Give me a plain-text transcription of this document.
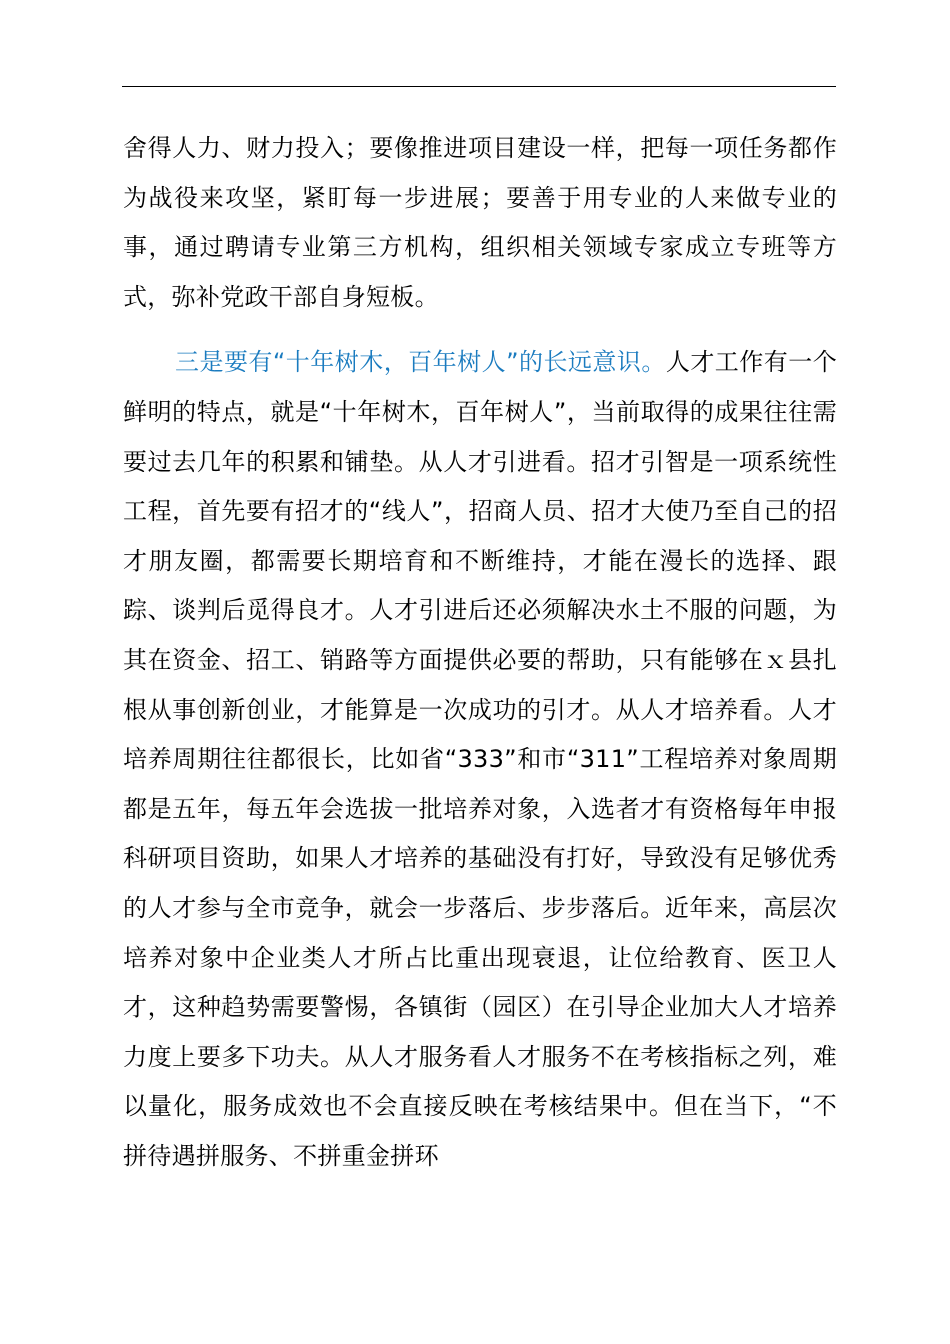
舍得人力、财力投入；要像推进项目建设一样，把每一项任务都作为战役来攻坚，紧盯每一步进展；要善于用专业的人来做专业的事，通过聘请专业第三方机构，组织相关领域专家成立专班等方式，弥补党政干部自身短板。

三是要有“十年树木，百年树人”的长远意识。人才工作有一个鲜明的特点，就是“十年树木，百年树人”，当前取得的成果往往需要过去几年的积累和铺垫。从人才引进看。招才引智是一项系统性工程，首先要有招才的“线人”，招商人员、招才大使乃至自己的招才朋友圈，都需要长期培育和不断维持，才能在漫长的选择、跟踪、谈判后觅得良才。人才引进后还必须解决水土不服的问题，为其在资金、招工、销路等方面提供必要的帮助，只有能够在ｘ县扎根从事创新创业，才能算是一次成功的引才。从人才培养看。人才培养周期往往都很长，比如省“333”和市“311”工程培养对象周期都是五年，每五年会选拔一批培养对象，入选者才有资格每年申报科研项目资助，如果人才培养的基础没有打好，导致没有足够优秀的人才参与全市竞争，就会一步落后、步步落后。近年来，高层次培养对象中企业类人才所占比重出现衰退，让位给教育、医卫人才，这种趋势需要警惕，各镇街（园区）在引导企业加大人才培养力度上要多下功夫。从人才服务看人才服务不在考核指标之列，难以量化，服务成效也不会直接反映在考核结果中。但在当下，“不拼待遇拼服务、不拼重金拼环
